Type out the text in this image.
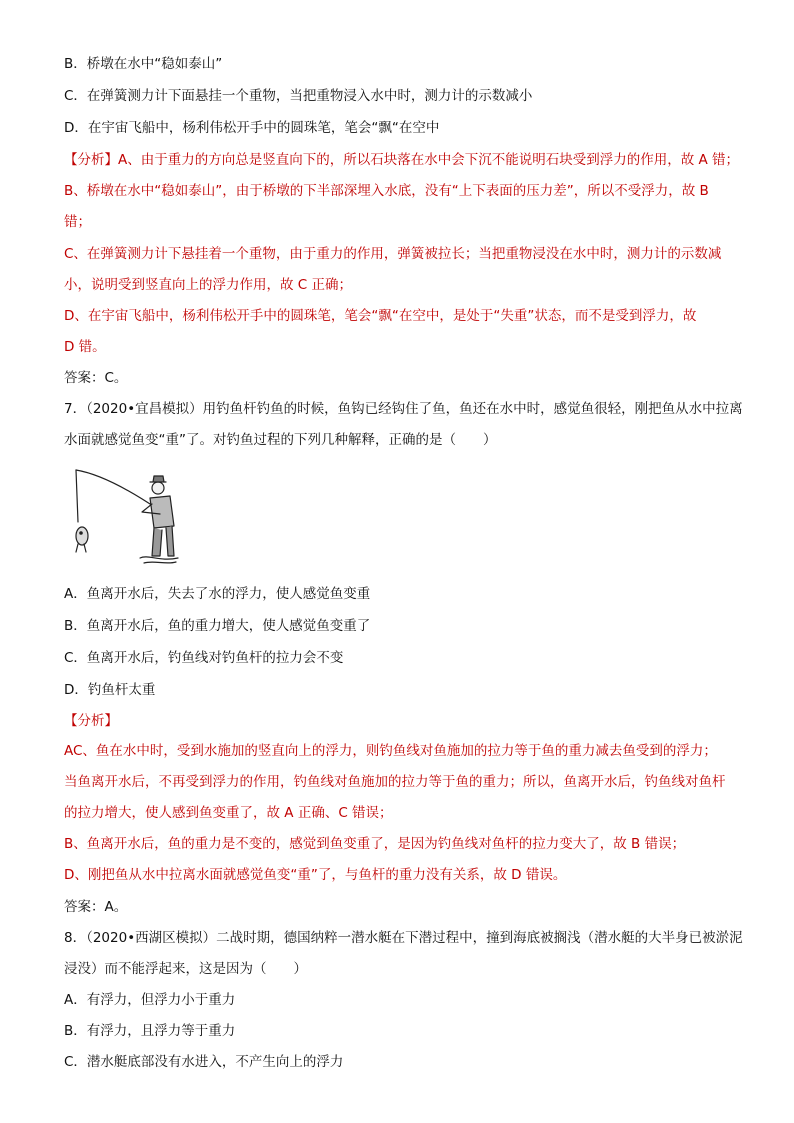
B．桥墩在水中“稳如泰山”
C．在弹簧测力计下面悬挂一个重物，当把重物浸入水中时，测力计的示数减小
D．在宇宙飞船中，杨利伟松开手中的圆珠笔，笔会“飘“在空中
【分析】A、由于重力的方向总是竖直向下的，所以石块落在水中会下沉不能说明石块受到浮力的作用，故 A 错；
B、桥墩在水中“稳如泰山”，由于桥墩的下半部深埋入水底，没有“上下表面的压力差”，所以不受浮力，故 B
错；
C、在弹簧测力计下悬挂着一个重物，由于重力的作用，弹簧被拉长；当把重物浸没在水中时，测力计的示数减
小，说明受到竖直向上的浮力作用，故 C 正确；
D、在宇宙飞船中，杨利伟松开手中的圆珠笔，笔会“飘“在空中，是处于“失重”状态，而不是受到浮力，故
D 错。
答案：C。
7．（2020•宜昌模拟）用钓鱼杆钓鱼的时候，鱼钩已经钩住了鱼，鱼还在水中时，感觉鱼很轻，刚把鱼从水中拉离
水面就感觉鱼变“重”了。对钓鱼过程的下列几种解释，正确的是（　　）
A．鱼离开水后，失去了水的浮力，使人感觉鱼变重
B．鱼离开水后，鱼的重力增大，使人感觉鱼变重了
C．鱼离开水后，钓鱼线对钓鱼杆的拉力会不变
D．钓鱼杆太重
【分析】
AC、鱼在水中时，受到水施加的竖直向上的浮力，则钓鱼线对鱼施加的拉力等于鱼的重力减去鱼受到的浮力；
当鱼离开水后，不再受到浮力的作用，钓鱼线对鱼施加的拉力等于鱼的重力；所以，鱼离开水后，钓鱼线对鱼杆
的拉力增大，使人感到鱼变重了，故 A 正确、C 错误；
B、鱼离开水后，鱼的重力是不变的，感觉到鱼变重了，是因为钓鱼线对鱼杆的拉力变大了，故 B 错误；
D、刚把鱼从水中拉离水面就感觉鱼变“重”了，与鱼杆的重力没有关系，故 D 错误。
答案：A。
8．（2020•西湖区模拟）二战时期，德国纳粹一潜水艇在下潜过程中，撞到海底被搁浅（潜水艇的大半身已被淤泥
浸没）而不能浮起来，这是因为（　　）
A．有浮力，但浮力小于重力
B．有浮力，且浮力等于重力
C．潜水艇底部没有水进入，不产生向上的浮力
